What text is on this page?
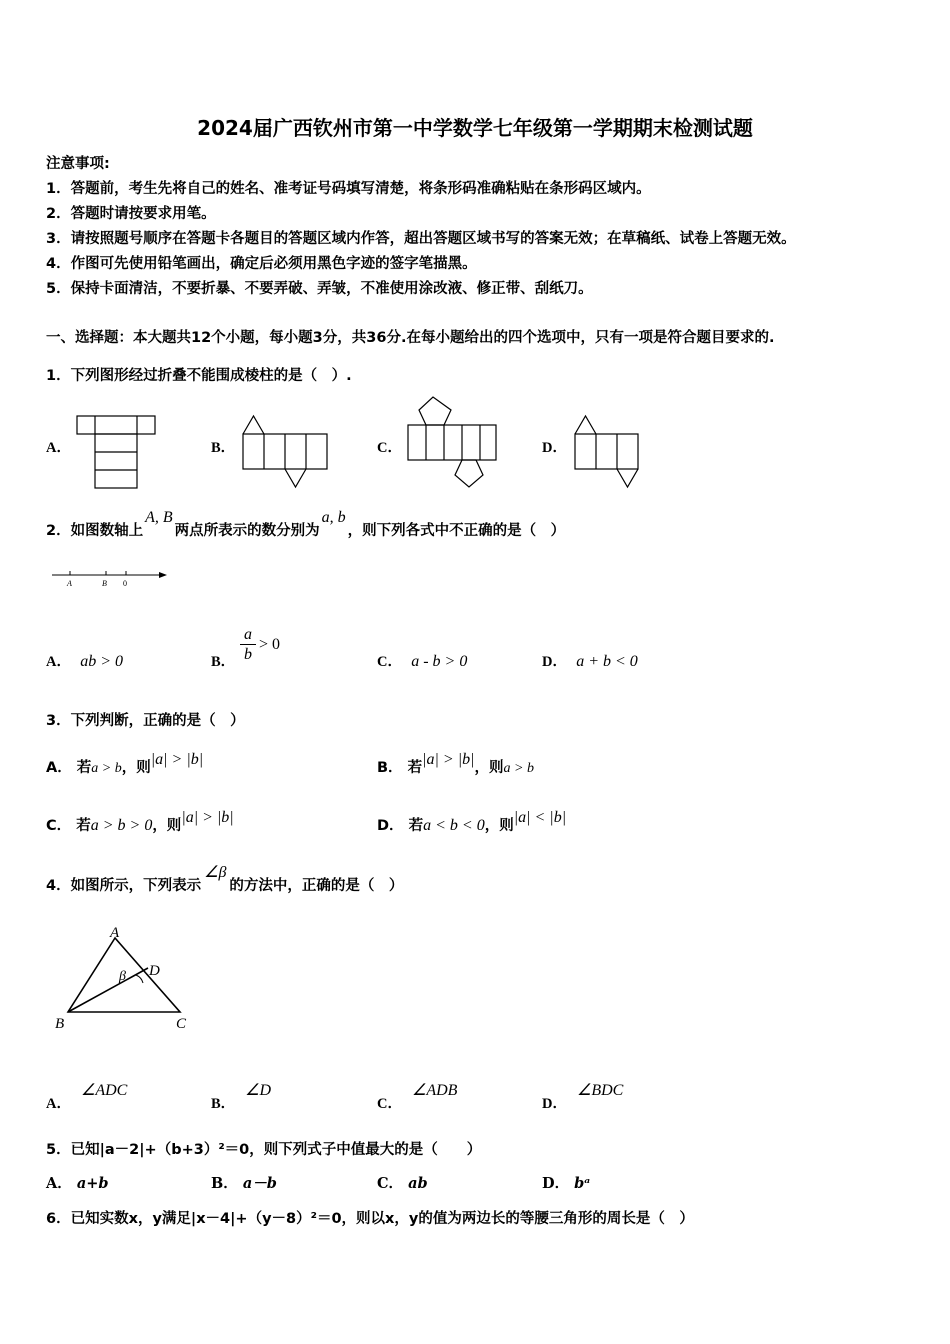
2024届广西钦州市第一中学数学七年级第一学期期末检测试题
注意事项:
1．答题前，考生先将自己的姓名、准考证号码填写清楚，将条形码准确粘贴在条形码区域内。
2．答题时请按要求用笔。
3．请按照题号顺序在答题卡各题目的答题区域内作答，超出答题区域书写的答案无效；在草稿纸、试卷上答题无效。
4．作图可先使用铅笔画出，确定后必须用黑色字迹的签字笔描黑。
5．保持卡面清洁，不要折暴、不要弄破、弄皱，不准使用涂改液、修正带、刮纸刀。
一、选择题：本大题共12个小题，每小题3分，共36分.在每小题给出的四个选项中，只有一项是符合题目要求的.
1．下列图形经过折叠不能围成棱柱的是（　）.
A．	B．	C．	D．
2．如图数轴上A, B两点所表示的数分别为a, b，则下列各式中不正确的是（　）
A	B 0
A． ab > 0	B．
a
b
> 0
C． a - b > 0	D． a + b < 0
3．下列判断，正确的是（　）
A． 若a > b，则|a| > |b|	B． 若|a| > |b|，则a > b
C． 若a > b > 0，则|a| > |b|	D． 若a < b < 0，则|a| < |b|
4．如图所示，下列表示∠β的方法中，正确的是（　）
A
B	C
D
β
A．∠ADC
B．∠D
C．∠ADB
D．∠BDC
5．已知|a－2|+（b+3）²＝0，则下列式子中值最大的是（　　）
A． a+b	B． a－b	C． ab	D． bᵃ
6．已知实数x，y满足|x－4|+（y－8）²＝0，则以x，y的值为两边长的等腰三角形的周长是（　）
